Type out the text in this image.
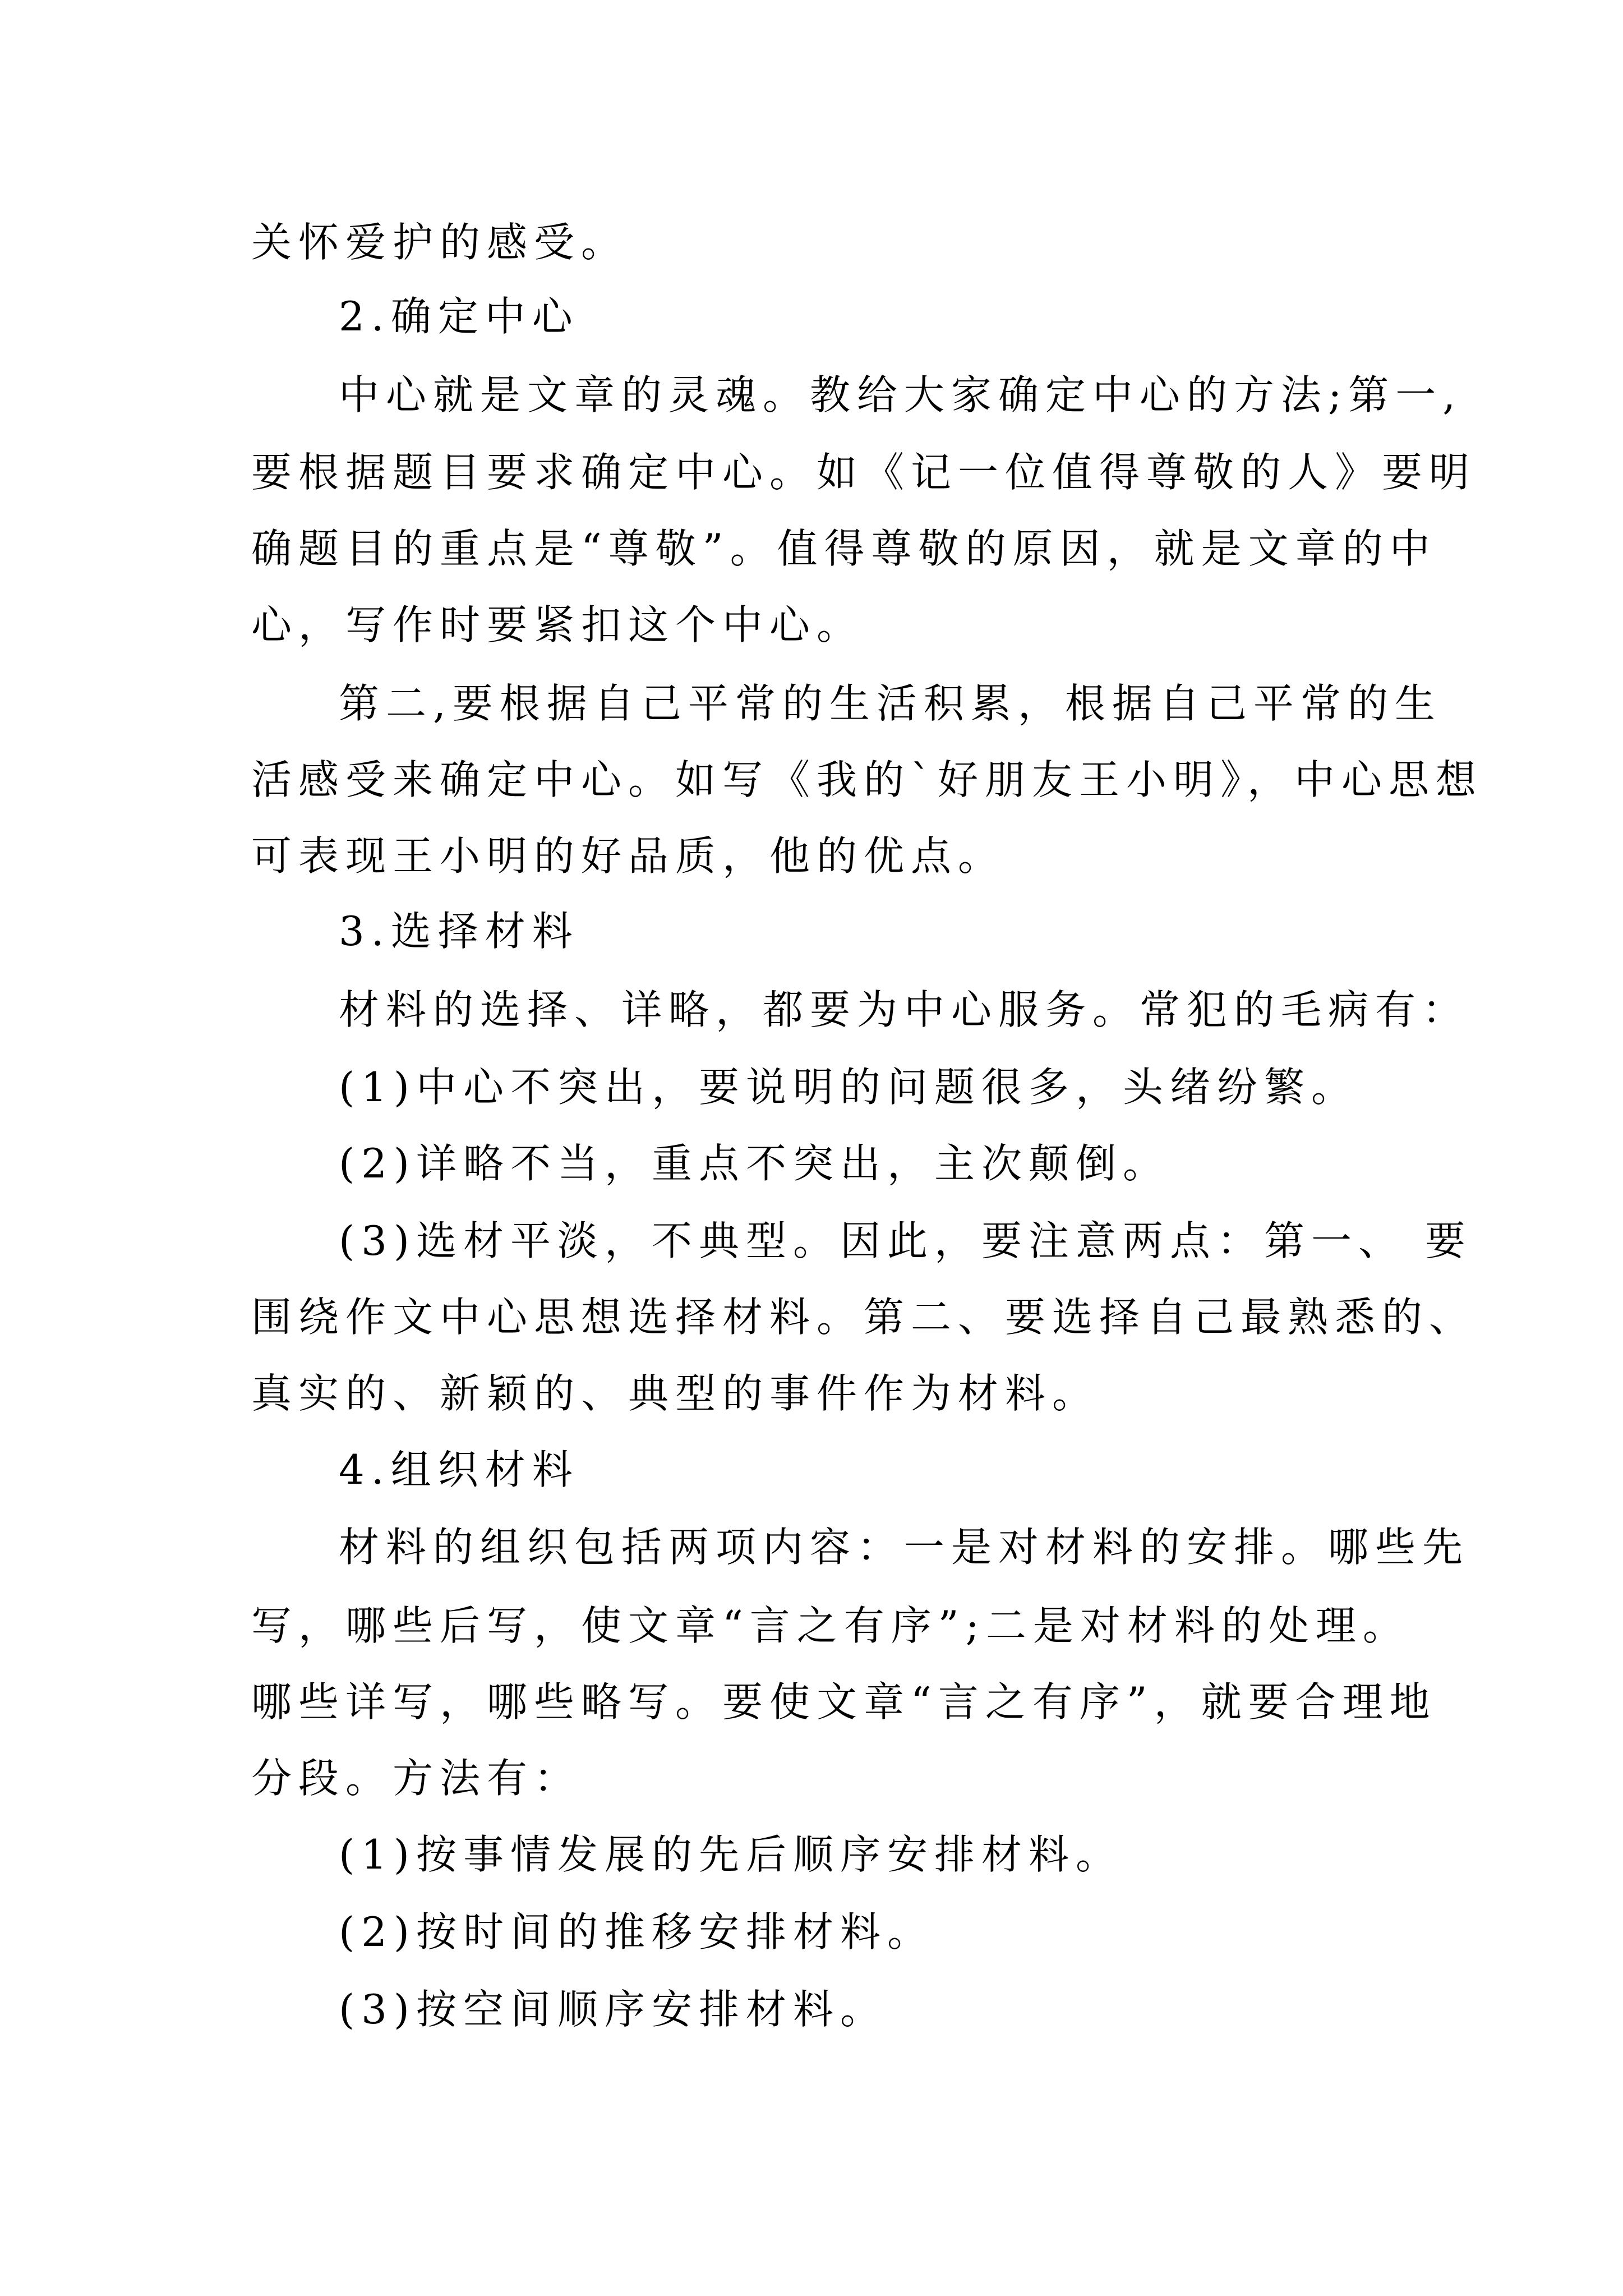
关怀爱护的感受。
2.确定中心
中心就是文章的灵魂。教给大家确定中心的方法;第一,
要根据题目要求确定中心。如《记一位值得尊敬的人》要明
确题目的重点是“尊敬”。值得尊敬的原因，就是文章的中
心，写作时要紧扣这个中心。
第二,要根据自己平常的生活积累，根据自己平常的生
活感受来确定中心。如写《我的`好朋友王小明》，中心思想
可表现王小明的好品质，他的优点。
3.选择材料
材料的选择、详略，都要为中心服务。常犯的毛病有：
(1)中心不突出，要说明的问题很多，头绪纷繁。
(2)详略不当，重点不突出，主次颠倒。
(3)选材平淡，不典型。因此，要注意两点：第一、 要
围绕作文中心思想选择材料。第二、要选择自己最熟悉的、
真实的、新颖的、典型的事件作为材料。
4.组织材料
材料的组织包括两项内容：一是对材料的安排。哪些先
写，哪些后写，使文章“言之有序”;二是对材料的处理。
哪些详写，哪些略写。要使文章“言之有序”，就要合理地
分段。方法有：
(1)按事情发展的先后顺序安排材料。
(2)按时间的推移安排材料。
(3)按空间顺序安排材料。
